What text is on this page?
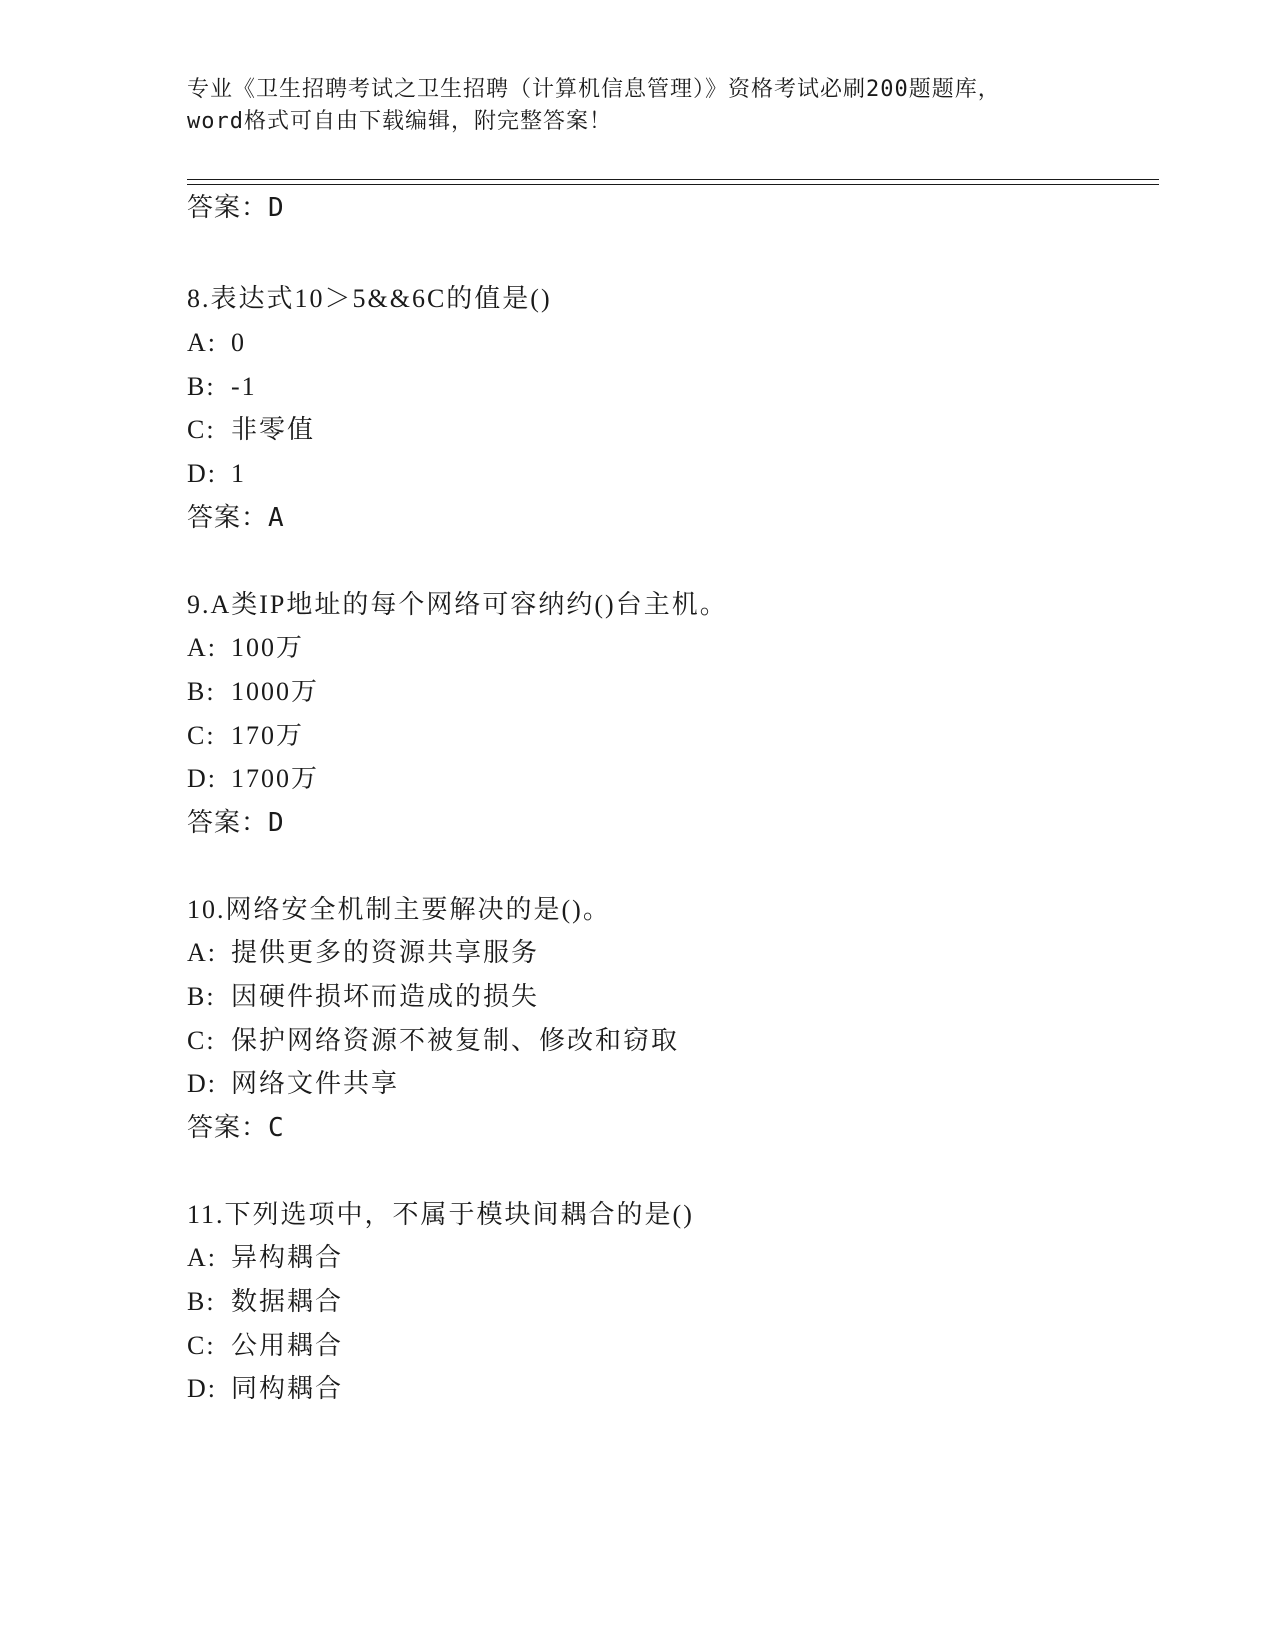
专业《卫生招聘考试之卫生招聘（计算机信息管理）》资格考试必刷200题题库，
word格式可自由下载编辑，附完整答案！
答案：D
8.表达式10＞5&&6C的值是()
A: 0
B: -1
C: 非零值
D: 1
答案：A
9.A类IP地址的每个网络可容纳约()台主机。
A: 100万
B: 1000万
C: 170万
D: 1700万
答案：D
10.网络安全机制主要解决的是()。
A: 提供更多的资源共享服务
B: 因硬件损坏而造成的损失
C: 保护网络资源不被复制、修改和窃取
D: 网络文件共享
答案：C
11.下列选项中，不属于模块间耦合的是()
A: 异构耦合
B: 数据耦合
C: 公用耦合
D: 同构耦合
